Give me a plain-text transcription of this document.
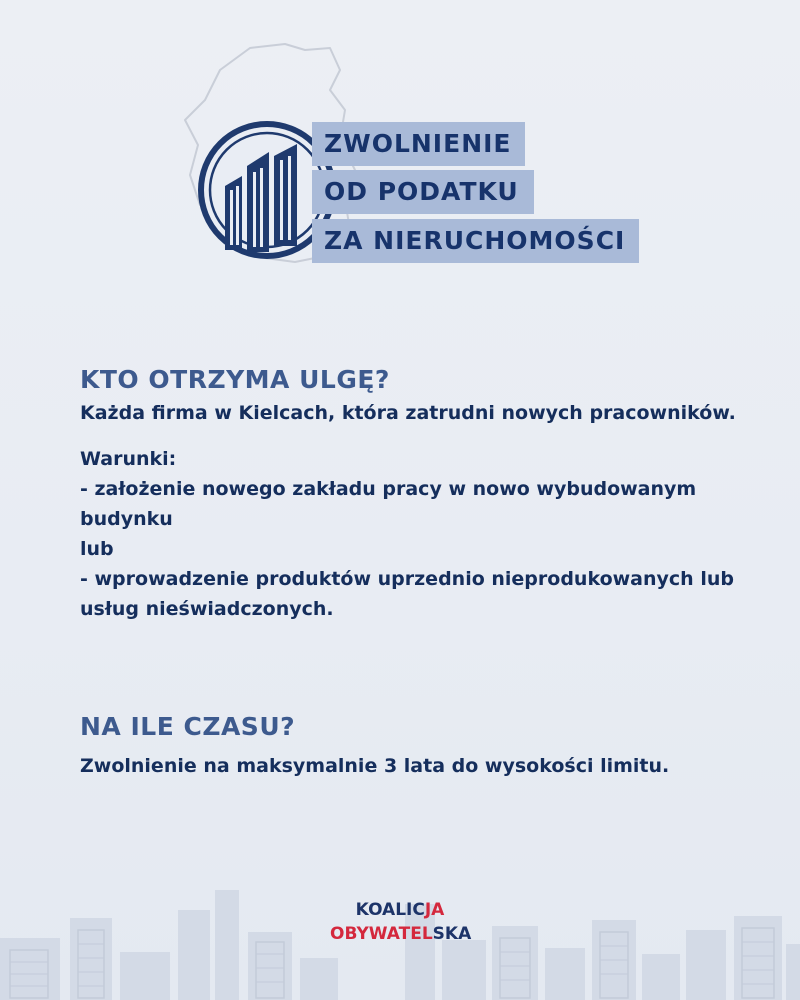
ZWOLNIENIE
OD PODATKU
ZA NIERUCHOMOŚCI
KTO OTRZYMA ULGĘ?

Każda firma w Kielcach, która zatrudni nowych pracowników.

Warunki:

- założenie nowego zakładu pracy w nowo wybudowanym budynku

lub

- wprowadzenie produktów uprzednio nieprodukowanych lub usług nieświadczonych.

NA ILE CZASU?

Zwolnienie na maksymalnie 3 lata do wysokości limitu.

KOALICJA
OBYWATELSKA
